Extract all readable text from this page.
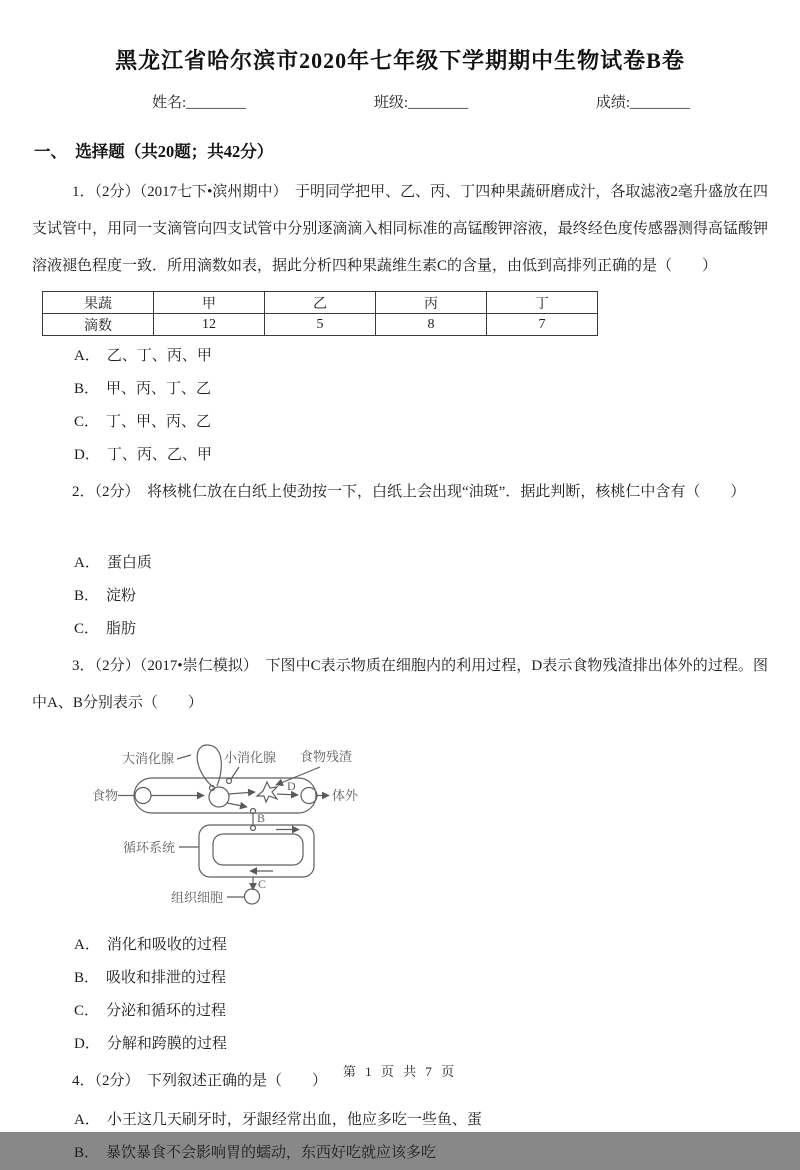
黑龙江省哈尔滨市2020年七年级下学期期中生物试卷B卷
姓名:________	班级:________	成绩:________
一、　选择题（共20题；共42分）

1．（2分）（2017七下•滨州期中）　于明同学把甲、乙、丙、丁四种果蔬研磨成汁，各取滤液2毫升盛放在四支试管中，用同一支滴管向四支试管中分别逐滴滴入相同标准的高锰酸钾溶液，最终经色度传感器测得高锰酸钾溶液褪色程度一致．所用滴数如表，据此分析四种果蔬维生素C的含量，由低到高排列正确的是（　　）

果蔬	甲	乙	丙	丁
滴数	12	5	8	7
A． 乙、丁、丙、甲
B． 甲、丙、丁、乙
C． 丁、甲、丙、乙
D． 丁、丙、乙、甲

2．（2分）　将核桃仁放在白纸上使劲按一下，白纸上会出现“油斑”．据此判断，核桃仁中含有（　　）

A． 蛋白质
B． 淀粉
C． 脂肪

3．（2分）（2017•崇仁模拟）　下图中C表示物质在细胞内的利用过程，D表示食物残渣排出体外的过程。图中A、B分别表示（　　）

大消化腺	小消化腺 食物残渣
食物	体外
循环系统
组织细胞
D
B
C
A． 消化和吸收的过程
B． 吸收和排泄的过程
C． 分泌和循环的过程
D． 分解和跨膜的过程

4．（2分）　下列叙述正确的是（　　）

A． 小王这几天刷牙时，牙龈经常出血，他应多吃一些鱼、蛋
B． 暴饮暴食不会影响胃的蠕动，东西好吃就应该多吃
第 1 页 共 7 页
